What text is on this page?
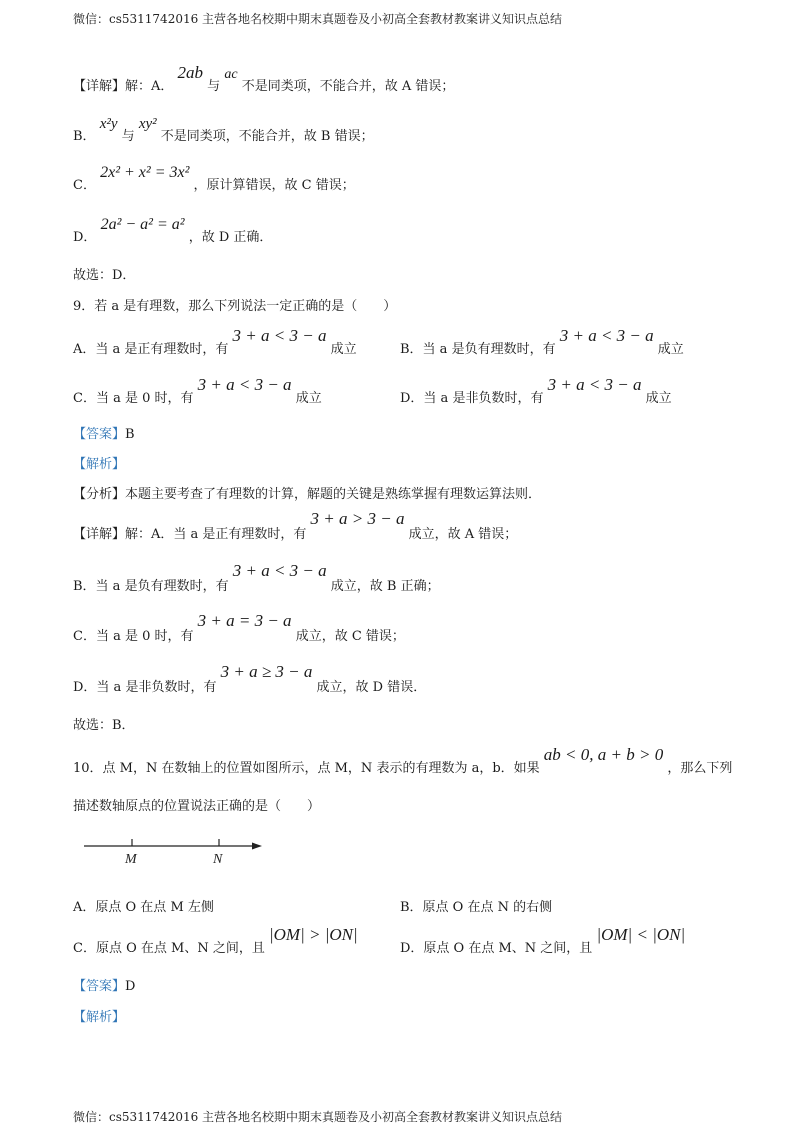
微信：cs5311742016 主营各地名校期中期末真题卷及小初高全套教材教案讲义知识点总结
【详解】解：A． 2ab 与 ac 不是同类项，不能合并，故 A 错误；
B． x²y 与 xy² 不是同类项，不能合并，故 B 错误；
C． 2x² + x² = 3x² ，原计算错误，故 C 错误；
D． 2a² − a² = a² ，故 D 正确．
故选：D．
9．若 a 是有理数，那么下列说法一定正确的是（　　）
A．当 a 是正有理数时，有 3 + a < 3 − a 成立	B．当 a 是负有理数时，有 3 + a < 3 − a 成立
C．当 a 是 0 时，有 3 + a < 3 − a 成立	D．当 a 是非负数时，有 3 + a < 3 − a 成立
【答案】B
【解析】
【分析】本题主要考查了有理数的计算，解题的关键是熟练掌握有理数运算法则．
【详解】解：A．当 a 是正有理数时，有 3 + a > 3 − a 成立，故 A 错误；
B．当 a 是负有理数时，有 3 + a < 3 − a 成立，故 B 正确；
C．当 a 是 0 时，有 3 + a = 3 − a 成立，故 C 错误；
D．当 a 是非负数时，有 3 + a ≥ 3 − a 成立，故 D 错误．
故选：B．
10．点 M，N 在数轴上的位置如图所示，点 M，N 表示的有理数为 a，b．如果 ab < 0, a + b > 0 ，那么下列
描述数轴原点的位置说法正确的是（　　）
M	N
A．原点 O 在点 M 左侧	B．原点 O 在点 N 的右侧
C．原点 O 在点 M、N 之间，且 |OM| > |ON|
D．原点 O 在点 M、N 之间，且 |OM| < |ON|
【答案】D
【解析】
微信：cs5311742016 主营各地名校期中期末真题卷及小初高全套教材教案讲义知识点总结
